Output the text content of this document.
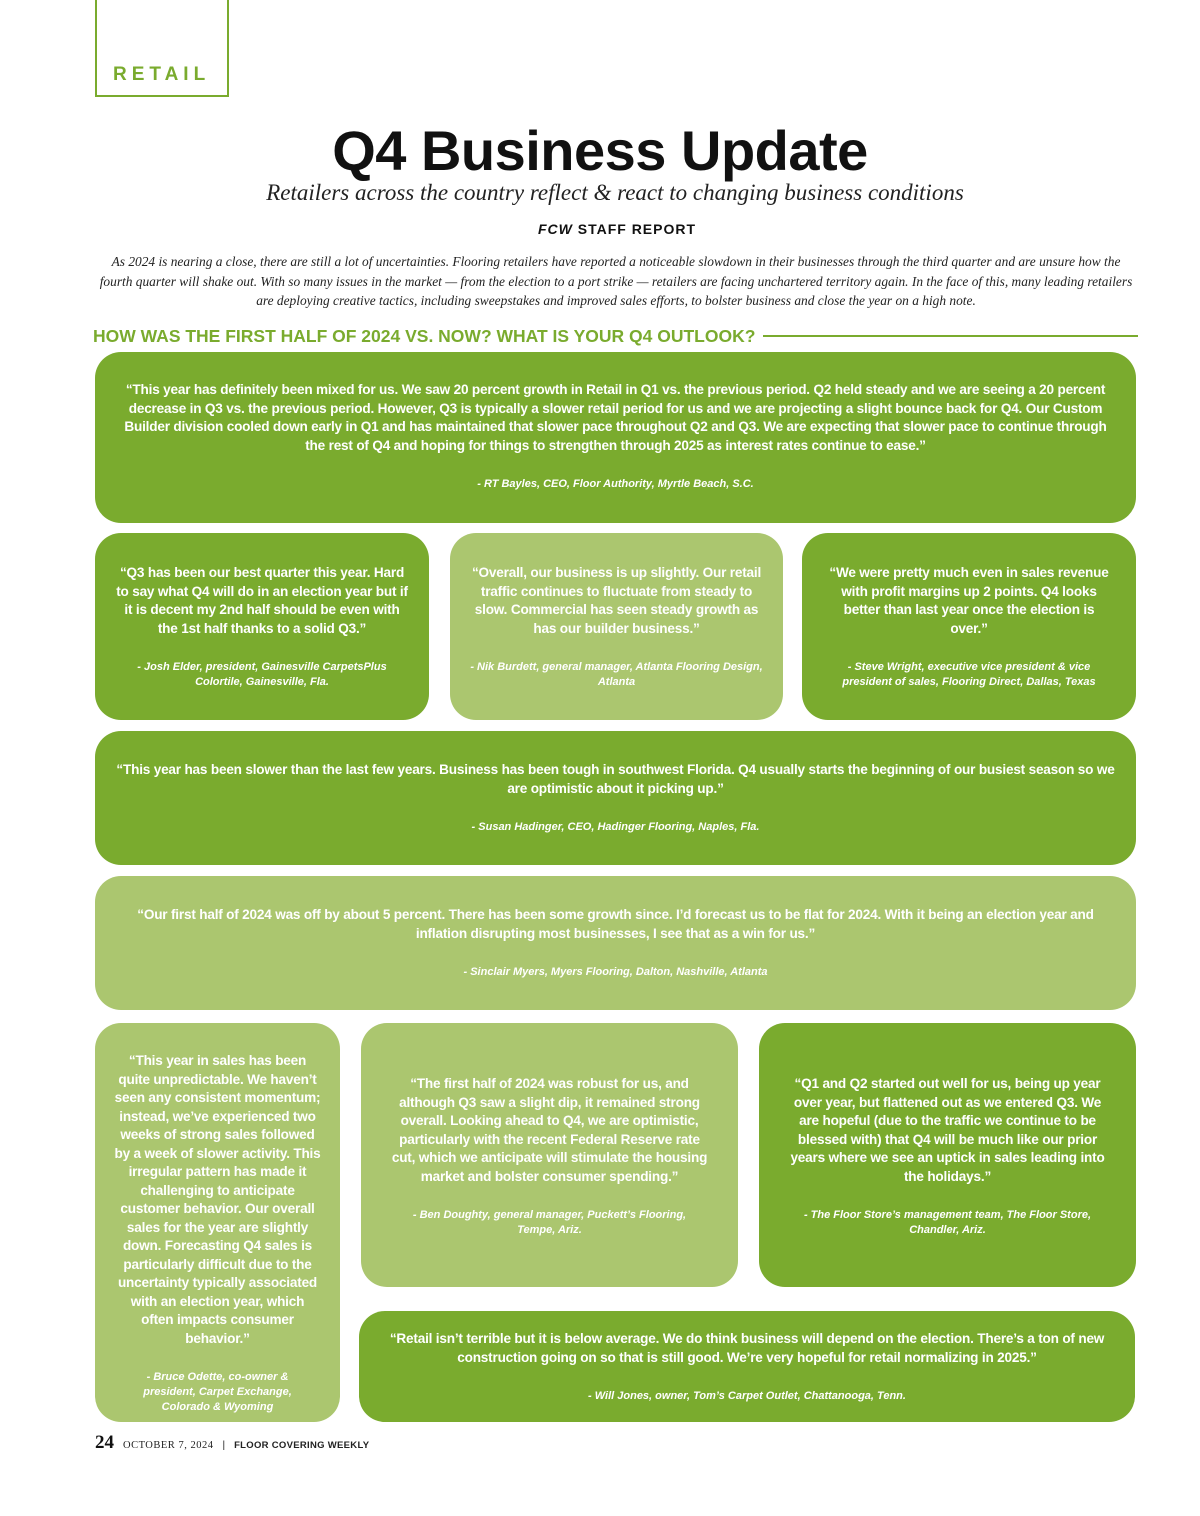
RETAIL
Q4 Business Update
Retailers across the country reflect & react to changing business conditions
FCW STAFF REPORT

As 2024 is nearing a close, there are still a lot of uncertainties. Flooring retailers have reported a noticeable slowdown in their businesses through the third quarter and are unsure how the fourth quarter will shake out. With so many issues in the market — from the election to a port strike — retailers are facing unchartered territory again. In the face of this, many leading retailers are deploying creative tactics, including sweepstakes and improved sales efforts, to bolster business and close the year on a high note.

HOW WAS THE FIRST HALF OF 2024 VS. NOW? WHAT IS YOUR Q4 OUTLOOK?

“This year has definitely been mixed for us. We saw 20 percent growth in Retail in Q1 vs. the previous period. Q2 held steady and we are seeing a 20 percent decrease in Q3 vs. the previous period. However, Q3 is typically a slower retail period for us and we are projecting a slight bounce back for Q4. Our Custom Builder division cooled down early in Q1 and has maintained that slower pace throughout Q2 and Q3. We are expecting that slower pace to continue through the rest of Q4 and hoping for things to strengthen through 2025 as interest rates continue to ease.”

- RT Bayles, CEO, Floor Authority, Myrtle Beach, S.C.

“Q3 has been our best quarter this year. Hard to say what Q4 will do in an election year but if it is decent my 2nd half should be even with the 1st half thanks to a solid Q3.”

- Josh Elder, president, Gainesville CarpetsPlus Colortile, Gainesville, Fla.

“Overall, our business is up slightly. Our retail traffic continues to fluctuate from steady to slow. Commercial has seen steady growth as has our builder business.”

- Nik Burdett, general manager, Atlanta Flooring Design, Atlanta

“We were pretty much even in sales revenue with profit margins up 2 points. Q4 looks better than last year once the election is over.”

- Steve Wright, executive vice president & vice president of sales, Flooring Direct, Dallas, Texas

“This year has been slower than the last few years. Business has been tough in southwest Florida. Q4 usually starts the beginning of our busiest season so we are optimistic about it picking up.”

- Susan Hadinger, CEO, Hadinger Flooring, Naples, Fla.

“Our first half of 2024 was off by about 5 percent. There has been some growth since. I’d forecast us to be flat for 2024. With it being an election year and inflation disrupting most businesses, I see that as a win for us.”

- Sinclair Myers, Myers Flooring, Dalton, Nashville, Atlanta

“This year in sales has been quite unpredictable. We haven’t seen any consistent momentum; instead, we’ve experienced two weeks of strong sales followed by a week of slower activity. This irregular pattern has made it challenging to anticipate customer behavior. Our overall sales for the year are slightly down. Forecasting Q4 sales is particularly difficult due to the uncertainty typically associated with an election year, which often impacts consumer behavior.”

- Bruce Odette, co-owner & president, Carpet Exchange, Colorado & Wyoming

“The first half of 2024 was robust for us, and although Q3 saw a slight dip, it remained strong overall. Looking ahead to Q4, we are optimistic, particularly with the recent Federal Reserve rate cut, which we anticipate will stimulate the housing market and bolster consumer spending.”

- Ben Doughty, general manager, Puckett’s Flooring, Tempe, Ariz.

“Q1 and Q2 started out well for us, being up year over year, but flattened out as we entered Q3. We are hopeful (due to the traffic we continue to be blessed with) that Q4 will be much like our prior years where we see an uptick in sales leading into the holidays.”

- The Floor Store’s management team, The Floor Store, Chandler, Ariz.

“Retail isn’t terrible but it is below average. We do think business will depend on the election. There’s a ton of new construction going on so that is still good. We’re very hopeful for retail normalizing in 2025.”

- Will Jones, owner, Tom’s Carpet Outlet, Chattanooga, Tenn.

24 OCTOBER 7, 2024 | FLOOR COVERING WEEKLY
